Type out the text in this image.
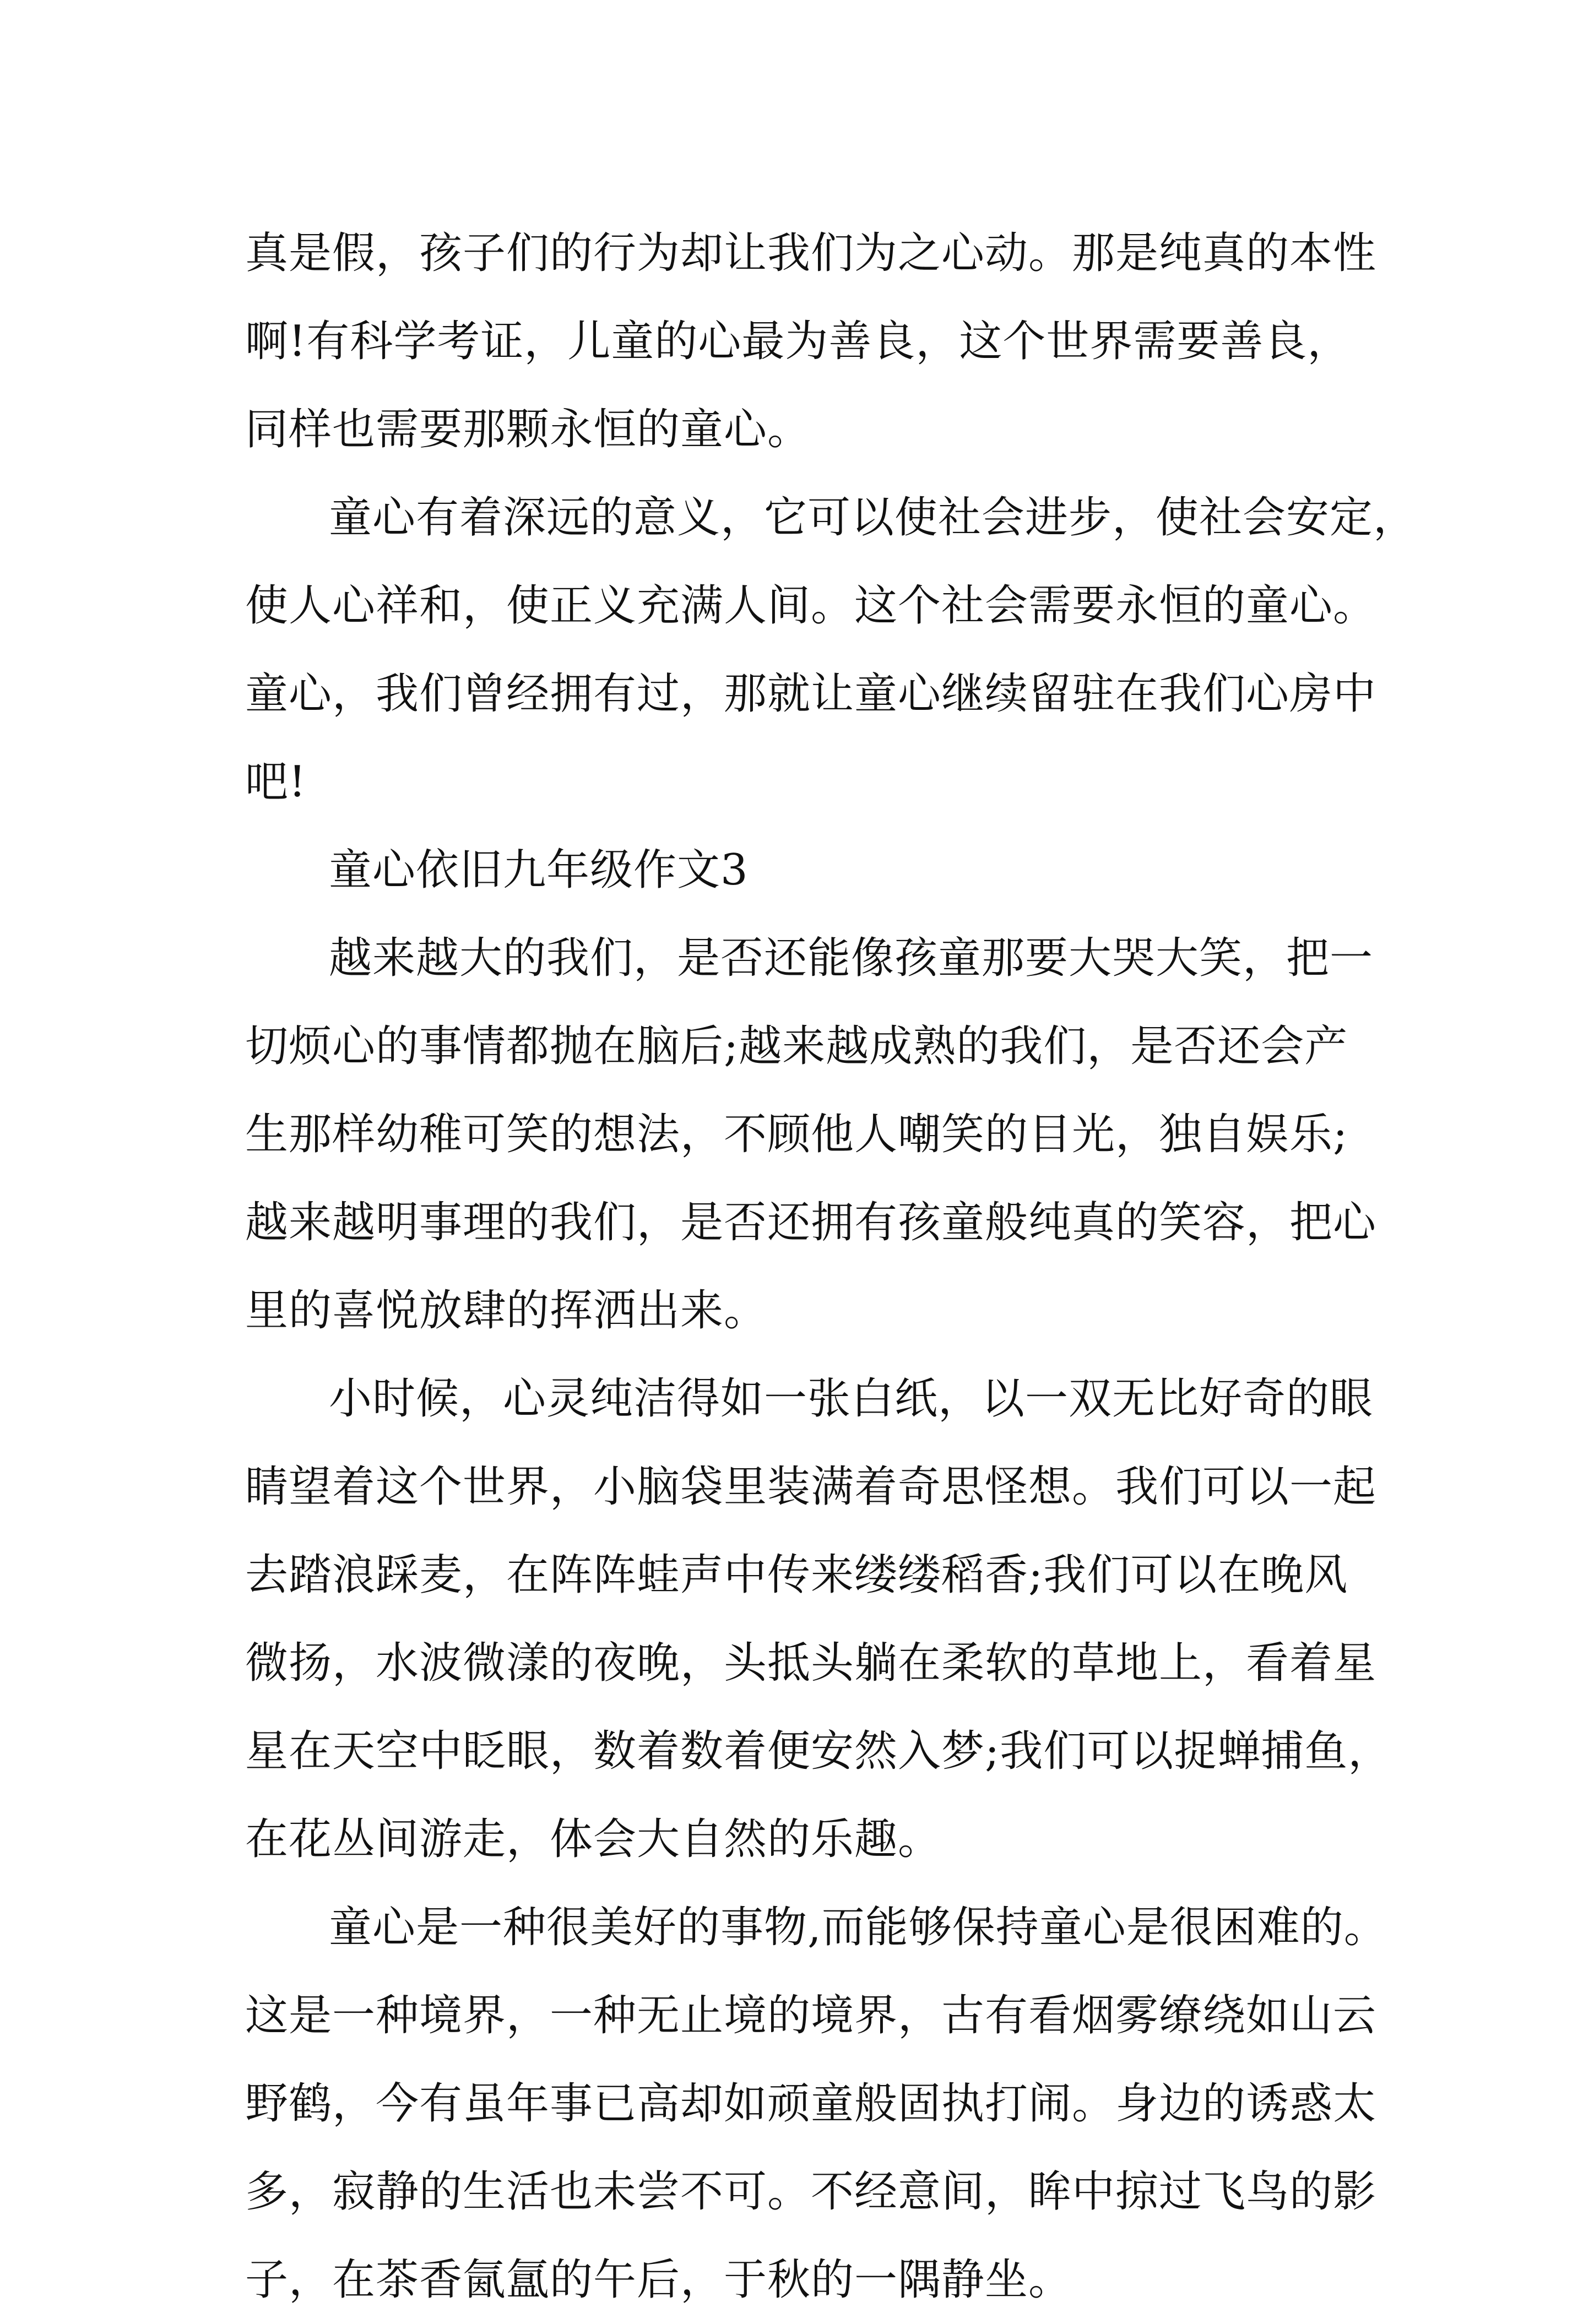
真是假，孩子们的行为却让我们为之心动。那是纯真的本性
啊!有科学考证，儿童的心最为善良，这个世界需要善良，
同样也需要那颗永恒的童心。
童心有着深远的意义，它可以使社会进步，使社会安定，
使人心祥和，使正义充满人间。这个社会需要永恒的童心。
童心，我们曾经拥有过，那就让童心继续留驻在我们心房中
吧!
童心依旧九年级作文3
越来越大的我们，是否还能像孩童那要大哭大笑，把一
切烦心的事情都抛在脑后;越来越成熟的我们，是否还会产
生那样幼稚可笑的想法，不顾他人嘲笑的目光，独自娱乐;
越来越明事理的我们，是否还拥有孩童般纯真的笑容，把心
里的喜悦放肆的挥洒出来。
小时候，心灵纯洁得如一张白纸，以一双无比好奇的眼
睛望着这个世界，小脑袋里装满着奇思怪想。我们可以一起
去踏浪踩麦，在阵阵蛙声中传来缕缕稻香;我们可以在晚风
微扬，水波微漾的夜晚，头抵头躺在柔软的草地上，看着星
星在天空中眨眼，数着数着便安然入梦;我们可以捉蝉捕鱼，
在花丛间游走，体会大自然的乐趣。
童心是一种很美好的事物,而能够保持童心是很困难的。
这是一种境界，一种无止境的境界，古有看烟雾缭绕如山云
野鹤，今有虽年事已高却如顽童般固执打闹。身边的诱惑太
多，寂静的生活也未尝不可。不经意间，眸中掠过飞鸟的影
子，在茶香氤氲的午后，于秋的一隅静坐。
